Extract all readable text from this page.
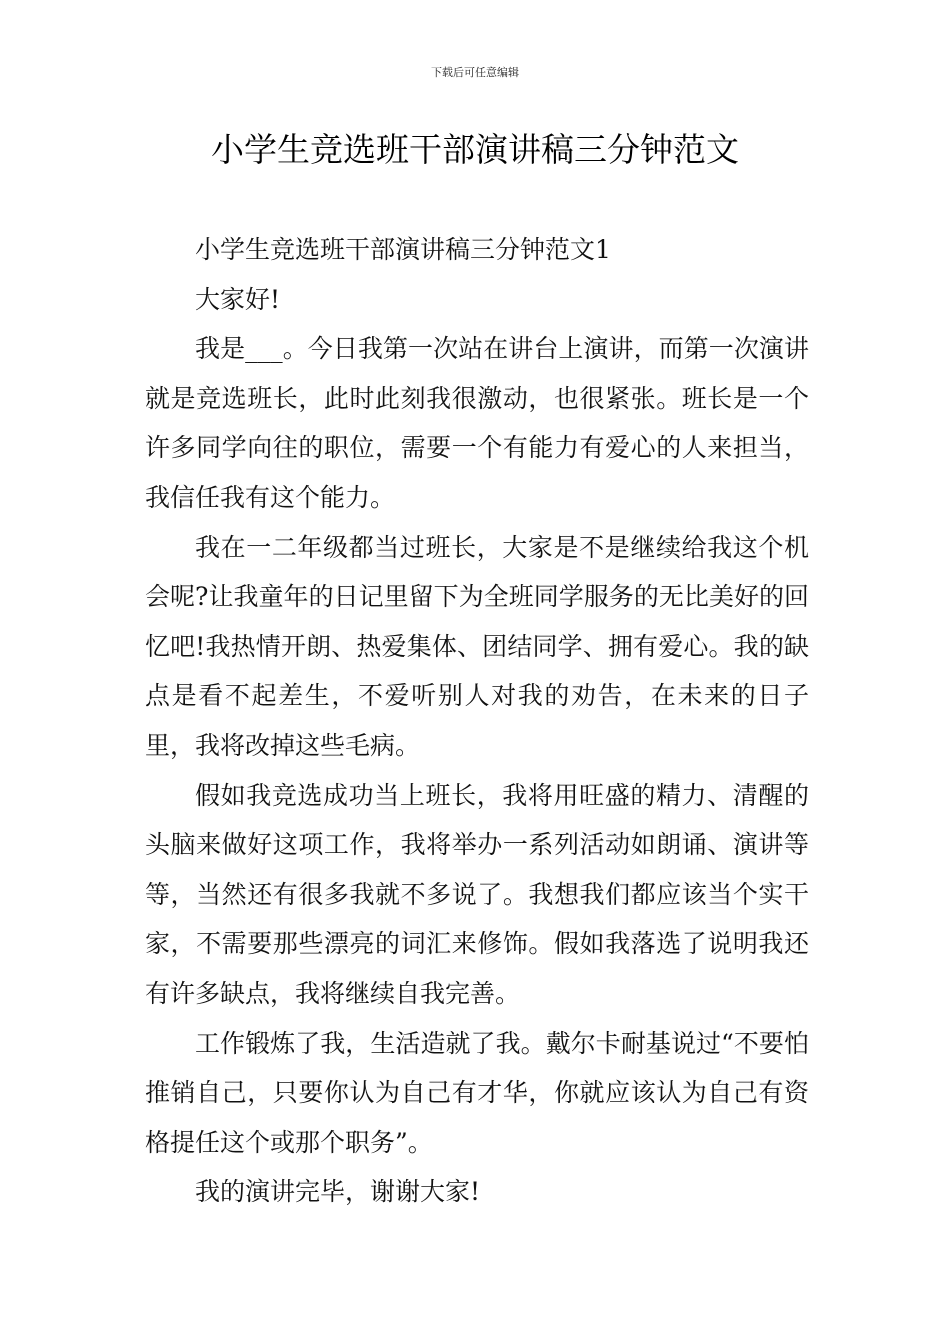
下载后可任意编辑
小学生竞选班干部演讲稿三分钟范文

小学生竞选班干部演讲稿三分钟范文1

大家好!

我是___。今日我第一次站在讲台上演讲，而第一次演讲就是竞选班长，此时此刻我很激动，也很紧张。班长是一个许多同学向往的职位，需要一个有能力有爱心的人来担当，我信任我有这个能力。

我在一二年级都当过班长，大家是不是继续给我这个机会呢?让我童年的日记里留下为全班同学服务的无比美好的回忆吧!我热情开朗、热爱集体、团结同学、拥有爱心。我的缺点是看不起差生，不爱听别人对我的劝告，在未来的日子里，我将改掉这些毛病。

假如我竞选成功当上班长，我将用旺盛的精力、清醒的头脑来做好这项工作，我将举办一系列活动如朗诵、演讲等等，当然还有很多我就不多说了。我想我们都应该当个实干家，不需要那些漂亮的词汇来修饰。假如我落选了说明我还有许多缺点，我将继续自我完善。

工作锻炼了我，生活造就了我。戴尔卡耐基说过“不要怕推销自己，只要你认为自己有才华，你就应该认为自己有资格提任这个或那个职务”。

我的演讲完毕，谢谢大家!
